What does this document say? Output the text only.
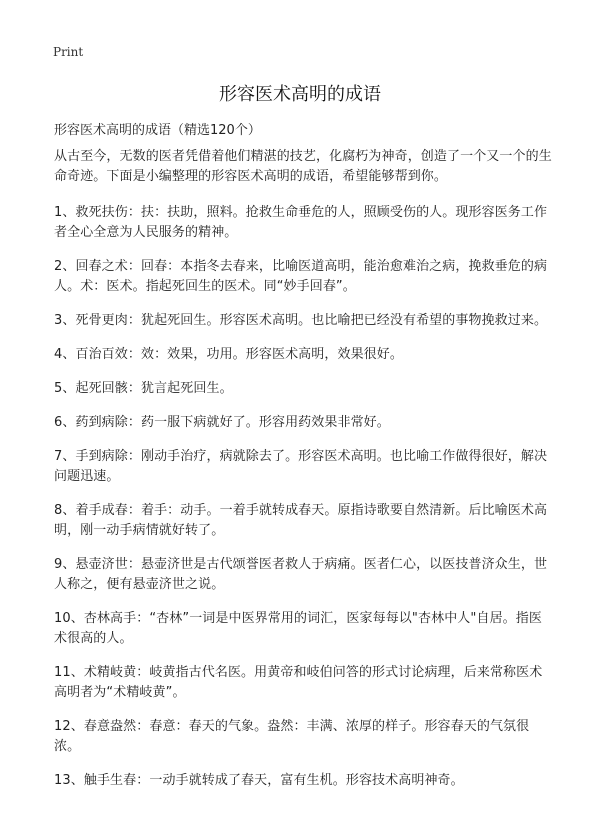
Print
形容医术高明的成语

形容医术高明的成语（精选120个）

从古至今，无数的医者凭借着他们精湛的技艺，化腐朽为神奇，创造了一个又一个的生命奇迹。下面是小编整理的形容医术高明的成语，希望能够帮到你。

1、救死扶伤：扶：扶助，照料。抢救生命垂危的人，照顾受伤的人。现形容医务工作者全心全意为人民服务的精神。

2、回春之术：回春：本指冬去春来，比喻医道高明，能治愈难治之病，挽救垂危的病人。术：医术。指起死回生的医术。同“妙手回春”。

3、死骨更肉：犹起死回生。形容医术高明。也比喻把已经没有希望的事物挽救过来。

4、百治百效：效：效果，功用。形容医术高明，效果很好。

5、起死回骸：犹言起死回生。

6、药到病除：药一服下病就好了。形容用药效果非常好。

7、手到病除：刚动手治疗，病就除去了。形容医术高明。也比喻工作做得很好，解决问题迅速。

8、着手成春：着手：动手。一着手就转成春天。原指诗歌要自然清新。后比喻医术高明，刚一动手病情就好转了。

9、悬壶济世：悬壶济世是古代颂誉医者救人于病痛。医者仁心，以医技普济众生，世人称之，便有悬壶济世之说。

10、杏林高手：“杏林”一词是中医界常用的词汇，医家每每以"杏林中人"自居。指医术很高的人。

11、术精岐黄：岐黄指古代名医。用黄帝和岐伯问答的形式讨论病理，后来常称医术高明者为“术精岐黄”。

12、春意盎然：春意：春天的气象。盎然：丰满、浓厚的样子。形容春天的气氛很浓。

13、触手生春：一动手就转成了春天，富有生机。形容技术高明神奇。
